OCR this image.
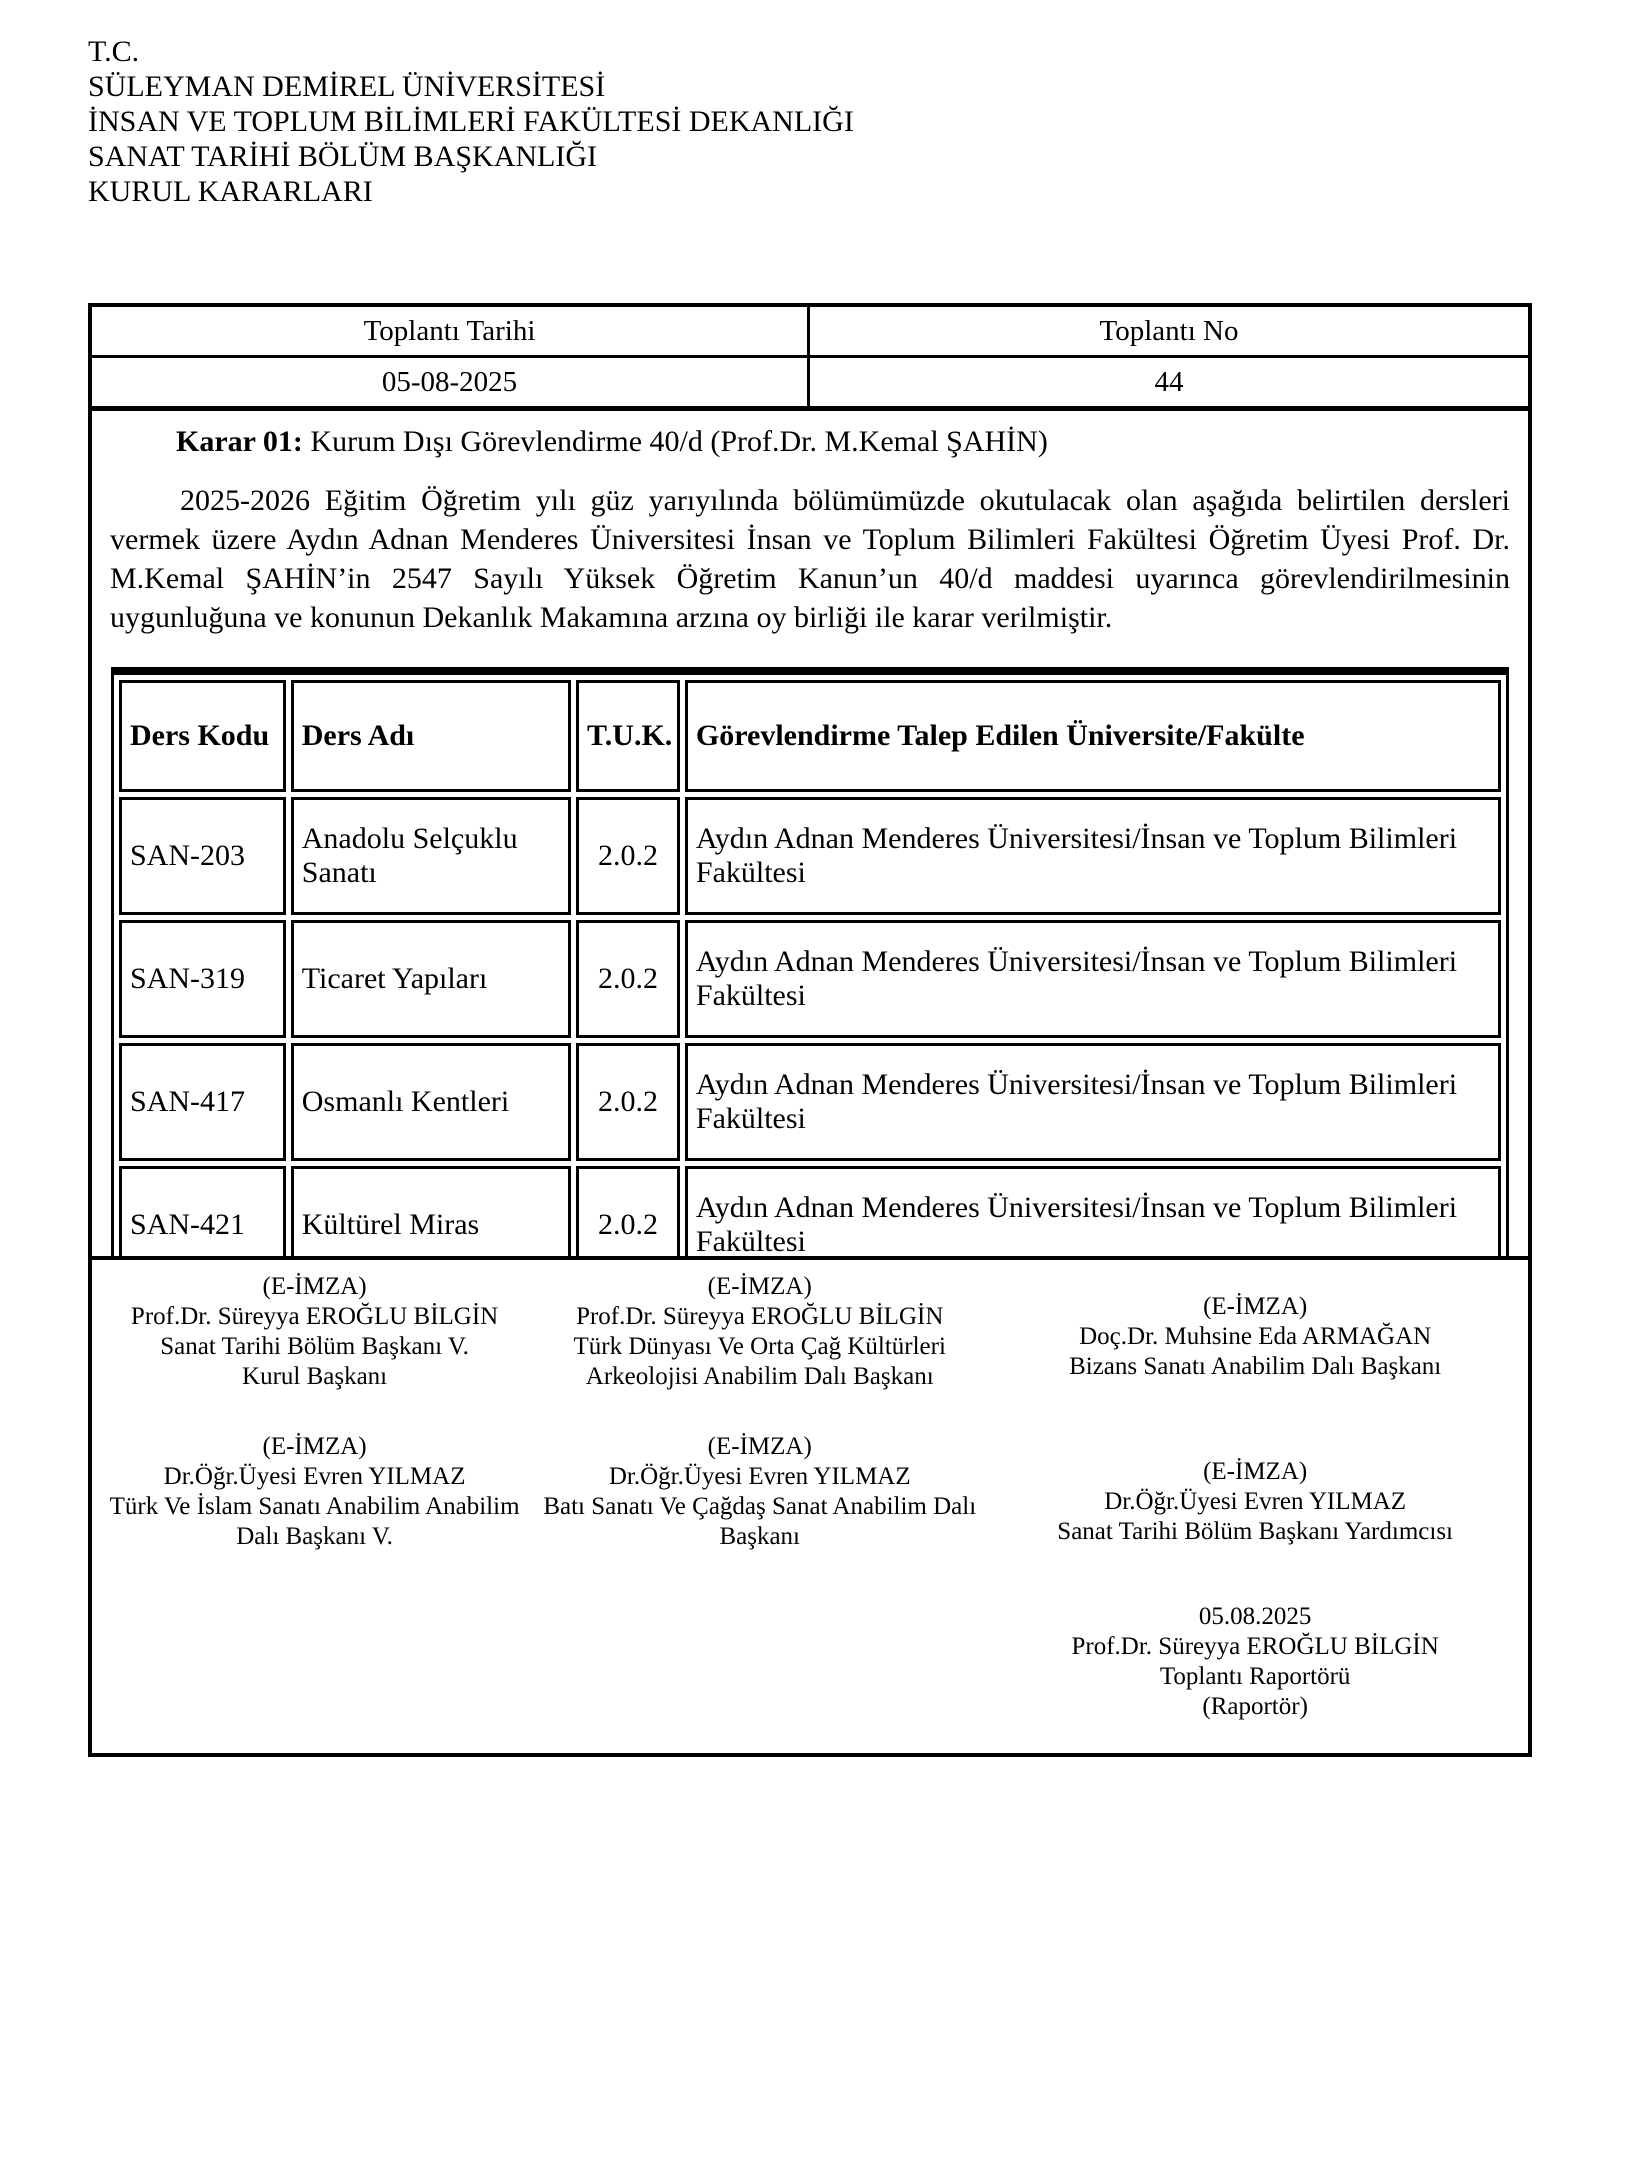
T.C.
SÜLEYMAN DEMİREL ÜNİVERSİTESİ
İNSAN VE TOPLUM BİLİMLERİ FAKÜLTESİ DEKANLIĞI
SANAT TARİHİ BÖLÜM BAŞKANLIĞI
KURUL KARARLARI
Toplantı Tarihi	Toplantı No
05-08-2025	44
Karar 01: Kurum Dışı Görevlendirme 40/d (Prof.Dr. M.Kemal ŞAHİN)
2025-2026 Eğitim Öğretim yılı güz yarıyılında bölümümüzde okutulacak olan aşağıda belirtilen dersleri vermek üzere Aydın Adnan Menderes Üniversitesi İnsan ve Toplum Bilimleri Fakültesi Öğretim Üyesi Prof. Dr. M.Kemal ŞAHİN’in 2547 Sayılı Yüksek Öğretim Kanun’un 40/d maddesi uyarınca görevlendirilmesinin uygunluğuna ve konunun Dekanlık Makamına arzına oy birliği ile karar verilmiştir.
Ders Kodu	Ders Adı	T.U.K.	Görevlendirme Talep Edilen Üniversite/Fakülte
SAN-203	Anadolu Selçuklu Sanatı	2.0.2	Aydın Adnan Menderes Üniversitesi/İnsan ve Toplum Bilimleri Fakültesi
SAN-319	Ticaret Yapıları	2.0.2	Aydın Adnan Menderes Üniversitesi/İnsan ve Toplum Bilimleri Fakültesi
SAN-417	Osmanlı Kentleri	2.0.2	Aydın Adnan Menderes Üniversitesi/İnsan ve Toplum Bilimleri Fakültesi
SAN-421	Kültürel Miras	2.0.2	Aydın Adnan Menderes Üniversitesi/İnsan ve Toplum Bilimleri Fakültesi
(E-İMZA)
Prof.Dr. Süreyya EROĞLU BİLGİN
Sanat Tarihi Bölüm Başkanı V.
Kurul Başkanı
(E-İMZA)
Prof.Dr. Süreyya EROĞLU BİLGİN
Türk Dünyası Ve Orta Çağ Kültürleri
Arkeolojisi Anabilim Dalı Başkanı
(E-İMZA)
Doç.Dr. Muhsine Eda ARMAĞAN
Bizans Sanatı Anabilim Dalı Başkanı
(E-İMZA)
Dr.Öğr.Üyesi Evren YILMAZ
Türk Ve İslam Sanatı Anabilim Anabilim
Dalı Başkanı V.
(E-İMZA)
Dr.Öğr.Üyesi Evren YILMAZ
Batı Sanatı Ve Çağdaş Sanat Anabilim Dalı
Başkanı
(E-İMZA)
Dr.Öğr.Üyesi Evren YILMAZ
Sanat Tarihi Bölüm Başkanı Yardımcısı
05.08.2025
Prof.Dr. Süreyya EROĞLU BİLGİN
Toplantı Raportörü
(Raportör)
